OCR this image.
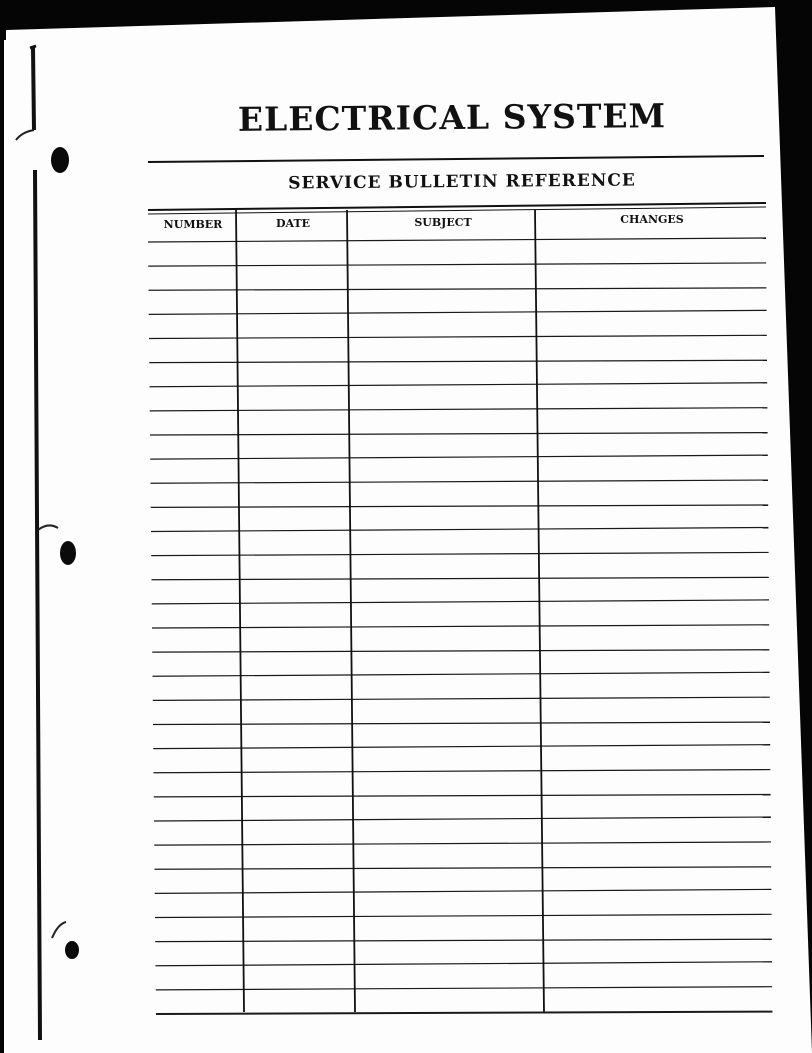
ELECTRICAL SYSTEM
SERVICE BULLETIN REFERENCE
NUMBER	DATE	SUBJECT	CHANGES
